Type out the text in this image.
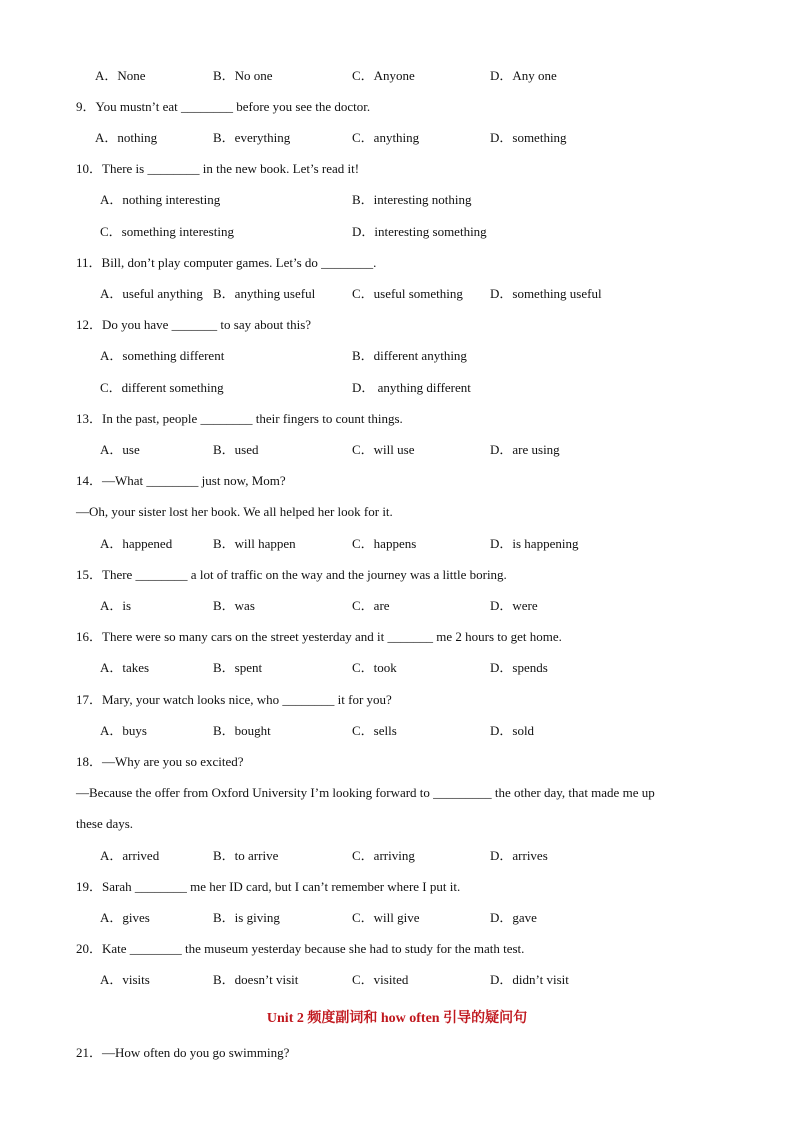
A．None	B．No one	C．Anyone	D．Any one
9．You mustn’t eat ________ before you see the doctor.
A．nothing	B．everything	C．anything	D．something
10．There is ________ in the new book. Let’s read it!
A．nothing interesting	B．interesting nothing
C．something interesting	D．interesting something
11．Bill, don’t play computer games. Let’s do ________.
A．useful anything B．anything useful	C．useful something D．something useful
12．Do you have _______ to say about this?
A．something different	B．different anything
C．different something	D． anything different
13．In the past, people ________ their fingers to count things.
A．use	B．used	C．will use	D．are using
14．—What ________ just now, Mom?
—Oh, your sister lost her book. We all helped her look for it.
A．happened	B．will happen	C．happens	D．is happening
15．There ________ a lot of traffic on the way and the journey was a little boring.
A．is	B．was	C．are	D．were
16．There were so many cars on the street yesterday and it _______ me 2 hours to get home.
A．takes	B．spent	C．took	D．spends
17．Mary, your watch looks nice, who ________ it for you?
A．buys	B．bought	C．sells	D．sold
18．—Why are you so excited?
—Because the offer from Oxford University I’m looking forward to _________ the other day, that made me up
these days.
A．arrived	B．to arrive	C．arriving	D．arrives
19．Sarah ________ me her ID card, but I can’t remember where I put it.
A．gives	B．is giving	C．will give	D．gave
20．Kate ________ the museum yesterday because she had to study for the math test.
A．visits	B．doesn’t visit	C．visited	D．didn’t visit
Unit 2 频度副词和 how often 引导的疑问句
21．—How often do you go swimming?
